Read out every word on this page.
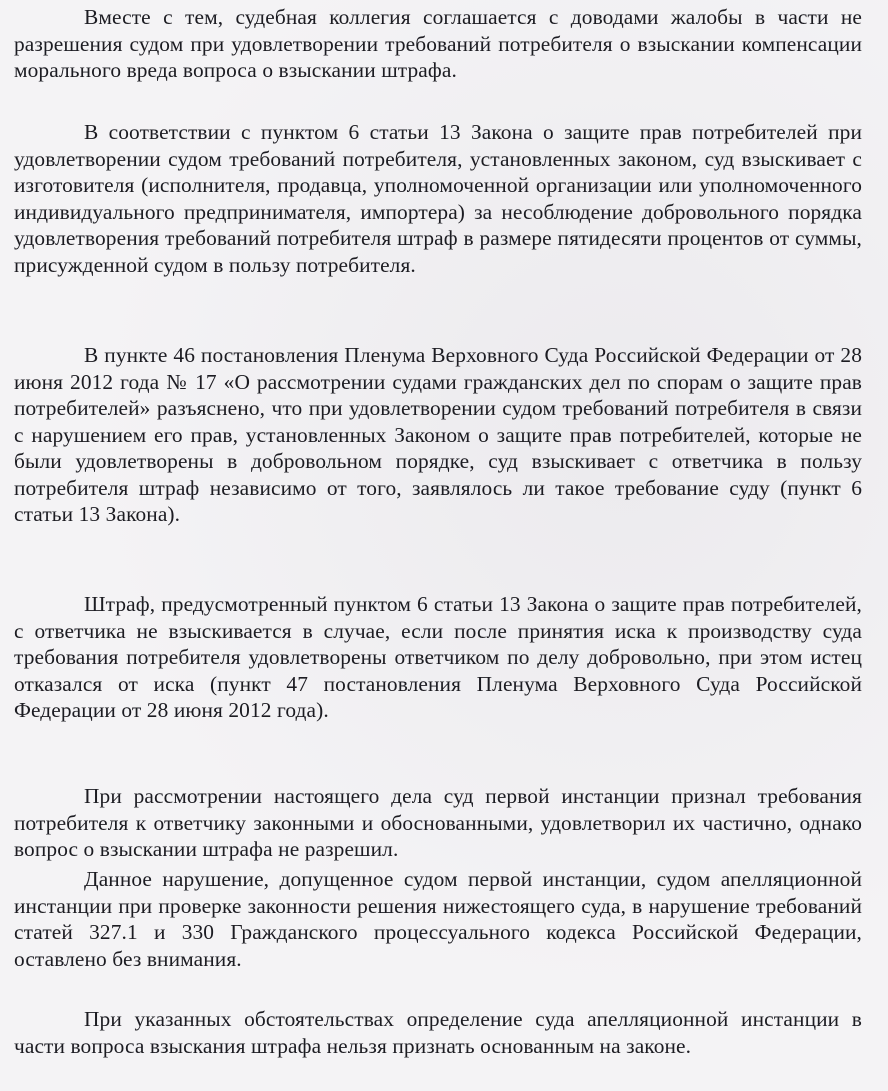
Вместе с тем, судебная коллегия соглашается с доводами жалобы в части не разрешения судом при удовлетворении требований потребителя о взыскании компенсации морального вреда вопроса о взыскании штрафа.

В соответствии с пунктом 6 статьи 13 Закона о защите прав потребителей при удовлетворении судом требований потребителя, установленных законом, суд взыскивает с изготовителя (исполнителя, продавца, уполномоченной организации или уполномоченного индивидуального предпринимателя, импортера) за несоблюдение добровольного порядка удовлетворения требований потребителя штраф в размере пятидесяти процентов от суммы, присужденной судом в пользу потребителя.

В пункте 46 постановления Пленума Верховного Суда Российской Федерации от 28 июня 2012 года № 17 «О рассмотрении судами гражданских дел по спорам о защите прав потребителей» разъяснено, что при удовлетворении судом требований потребителя в связи с нарушением его прав, установленных Законом о защите прав потребителей, которые не были удовлетворены в добровольном порядке, суд взыскивает с ответчика в пользу потребителя штраф независимо от того, заявлялось ли такое требование суду (пункт 6 статьи 13 Закона).

Штраф, предусмотренный пунктом 6 статьи 13 Закона о защите прав потребителей, с ответчика не взыскивается в случае, если после принятия иска к производству суда требования потребителя удовлетворены ответчиком по делу добровольно, при этом истец отказался от иска (пункт 47 постановления Пленума Верховного Суда Российской Федерации от 28 июня 2012 года).

При рассмотрении настоящего дела суд первой инстанции признал требования потребителя к ответчику законными и обоснованными, удовлетворил их частично, однако вопрос о взыскании штрафа не разрешил.

Данное нарушение, допущенное судом первой инстанции, судом апелляционной инстанции при проверке законности решения нижестоящего суда, в нарушение требований статей 327.1 и 330 Гражданского процессуального кодекса Российской Федерации, оставлено без внимания.

При указанных обстоятельствах определение суда апелляционной инстанции в части вопроса взыскания штрафа нельзя признать основанным на законе.
